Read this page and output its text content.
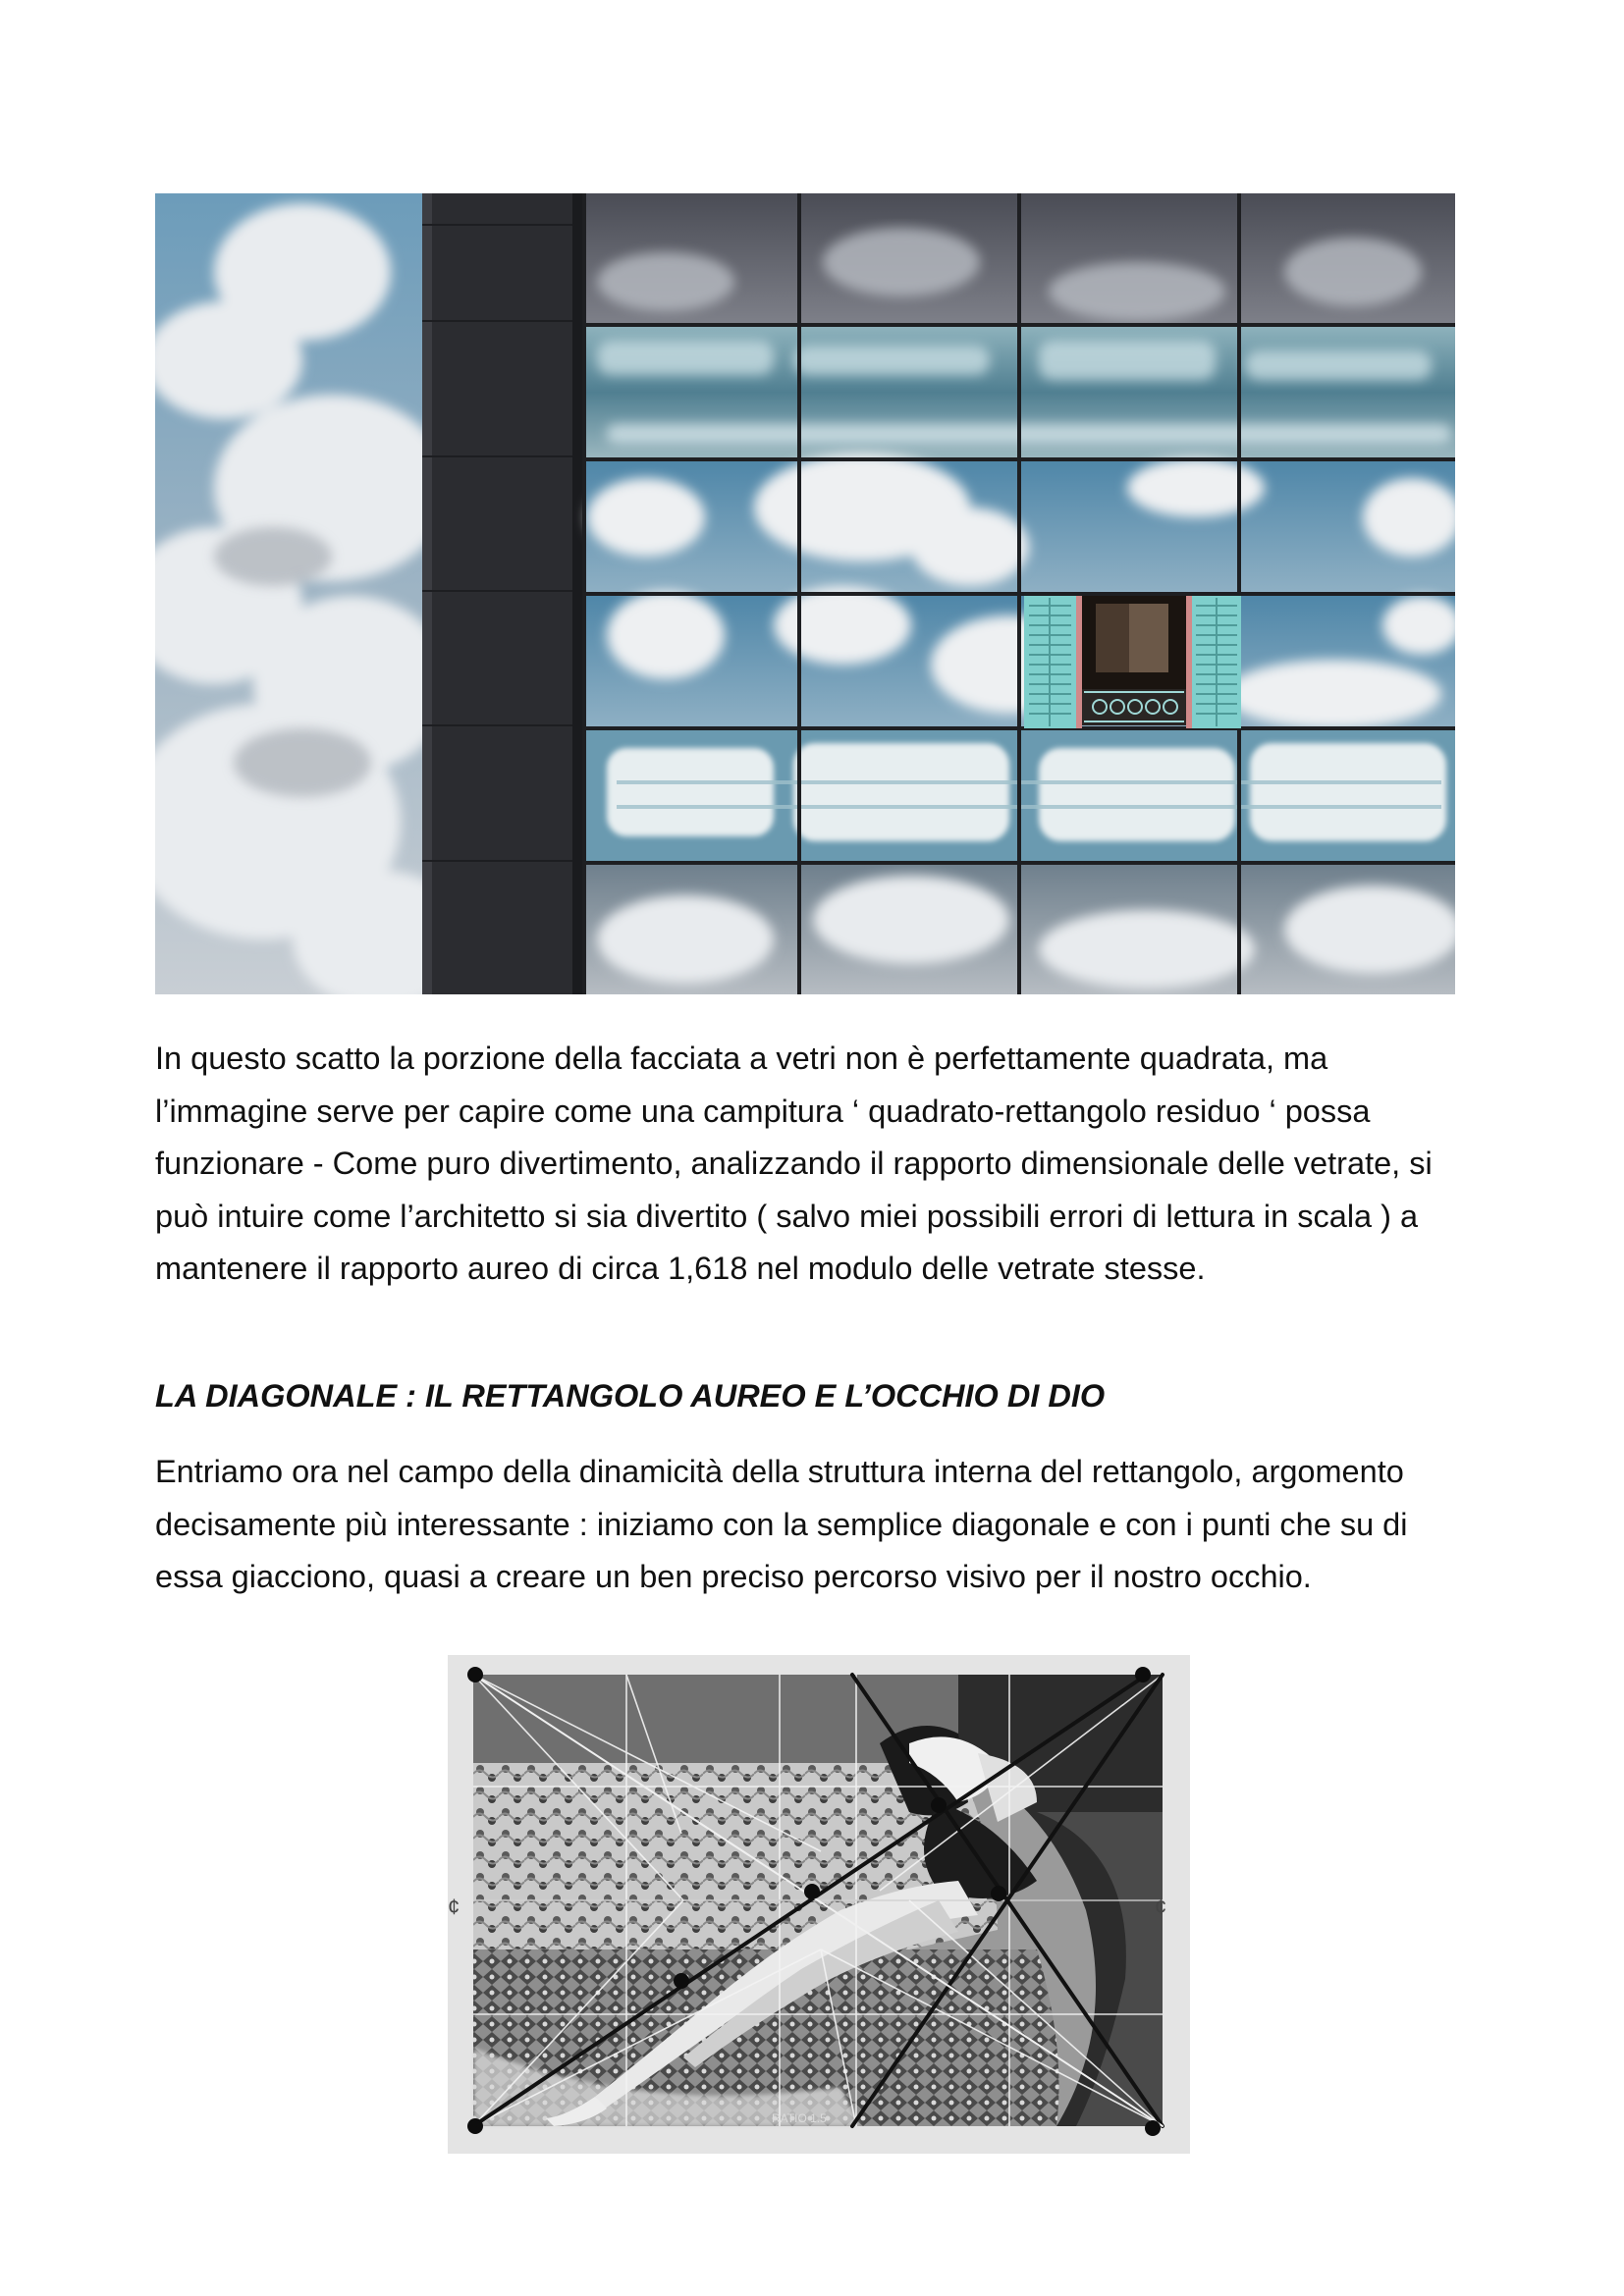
In questo scatto la porzione della facciata a vetri non è perfettamente quadrata, ma l’immagine serve per capire come una campitura ‘ quadrato-rettangolo residuo ‘ possa funzionare - Come puro divertimento, analizzando il rapporto dimensionale delle vetrate, si può intuire come l’architetto si sia divertito ( salvo miei possibili errori di lettura in scala ) a mantenere il rapporto aureo di circa 1,618 nel modulo delle vetrate stesse.

LA DIAGONALE : IL RETTANGOLO AUREO E L’OCCHIO DI DIO

Entriamo ora nel campo della dinamicità della struttura interna del rettangolo, argomento decisamente più interessante : iniziamo con la semplice diagonale e con i punti che su di essa giacciono, quasi a creare un ben preciso percorso visivo per il nostro occhio.

¢	¢
RATIO 1.5
